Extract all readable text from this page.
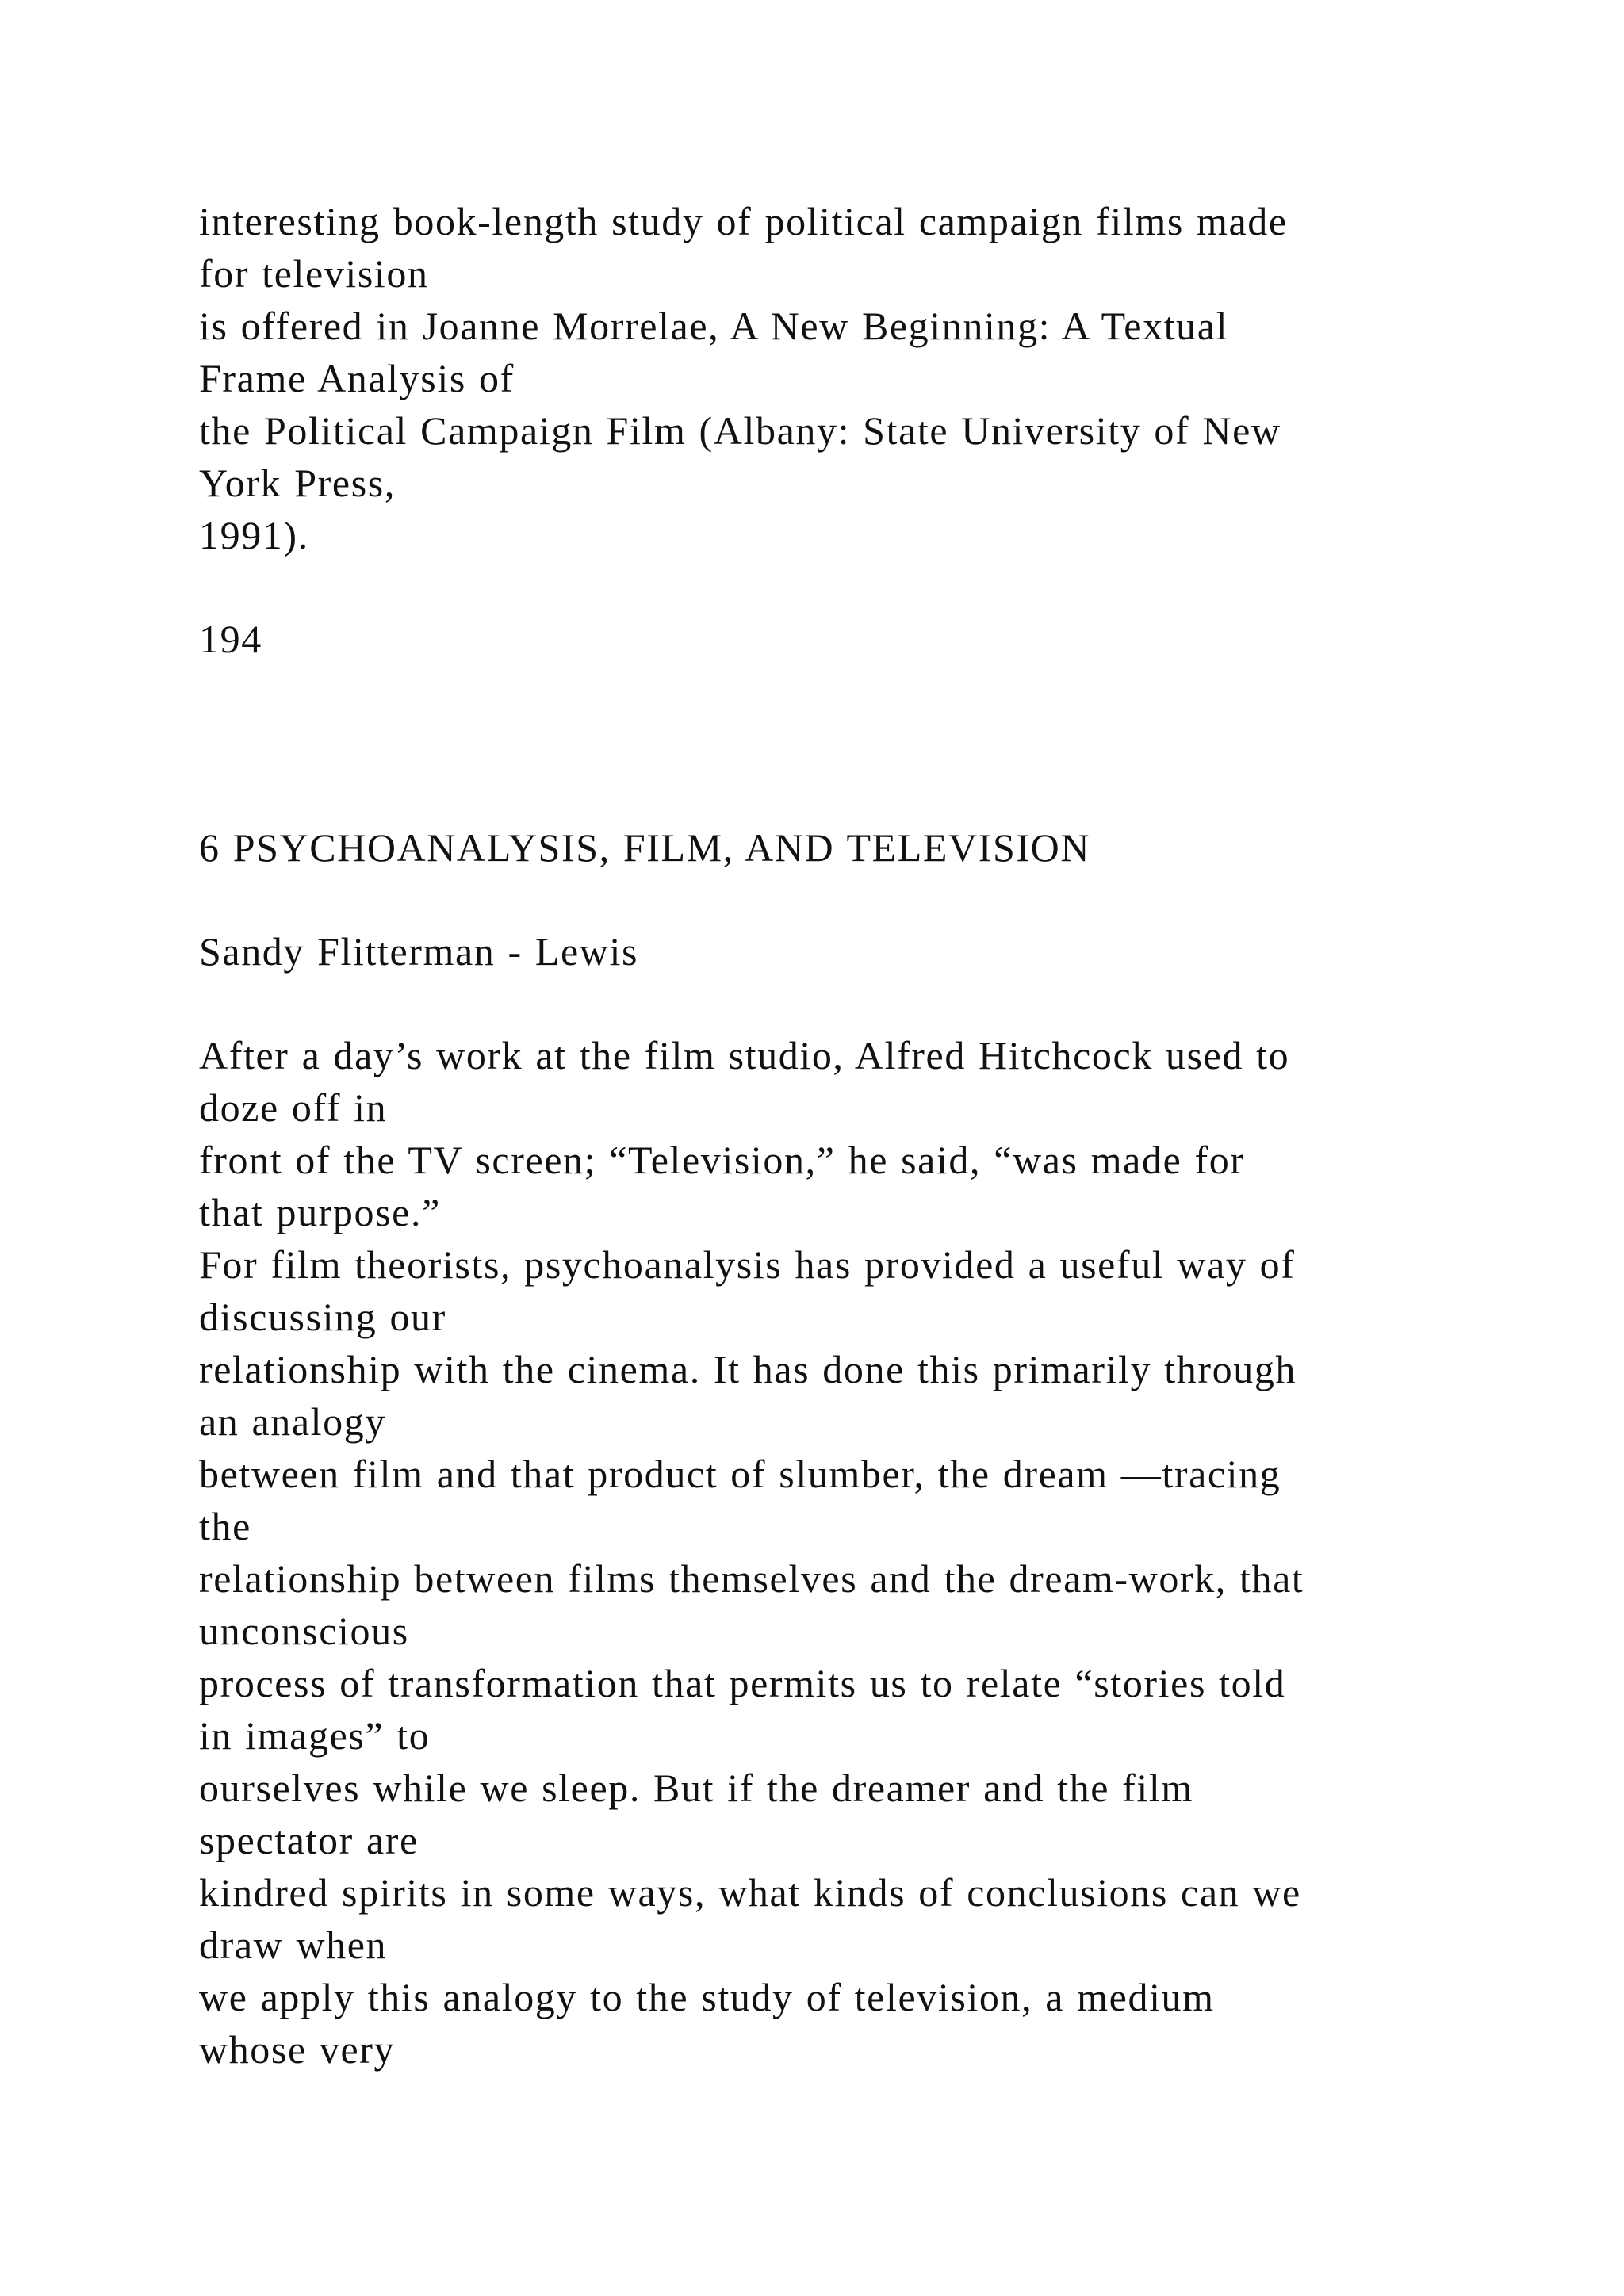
interesting book-length study of political campaign films made
for television
is offered in Joanne Morrelae, A New Beginning: A Textual
Frame Analysis of
the Political Campaign Film (Albany: State University of New
York Press,
1991).
194
6 PSYCHOANALYSIS, FILM, AND TELEVISION
Sandy Flitterman - Lewis
After a day’s work at the film studio, Alfred Hitchcock used to
doze off in
front of the TV screen; “Television,” he said, “was made for
that purpose.”
For film theorists, psychoanalysis has provided a useful way of
discussing our
relationship with the cinema. It has done this primarily through
an analogy
between film and that product of slumber, the dream —tracing
the
relationship between films themselves and the dream-work, that
unconscious
process of transformation that permits us to relate “stories told
in images” to
ourselves while we sleep. But if the dreamer and the film
spectator are
kindred spirits in some ways, what kinds of conclusions can we
draw when
we apply this analogy to the study of television, a medium
whose very
